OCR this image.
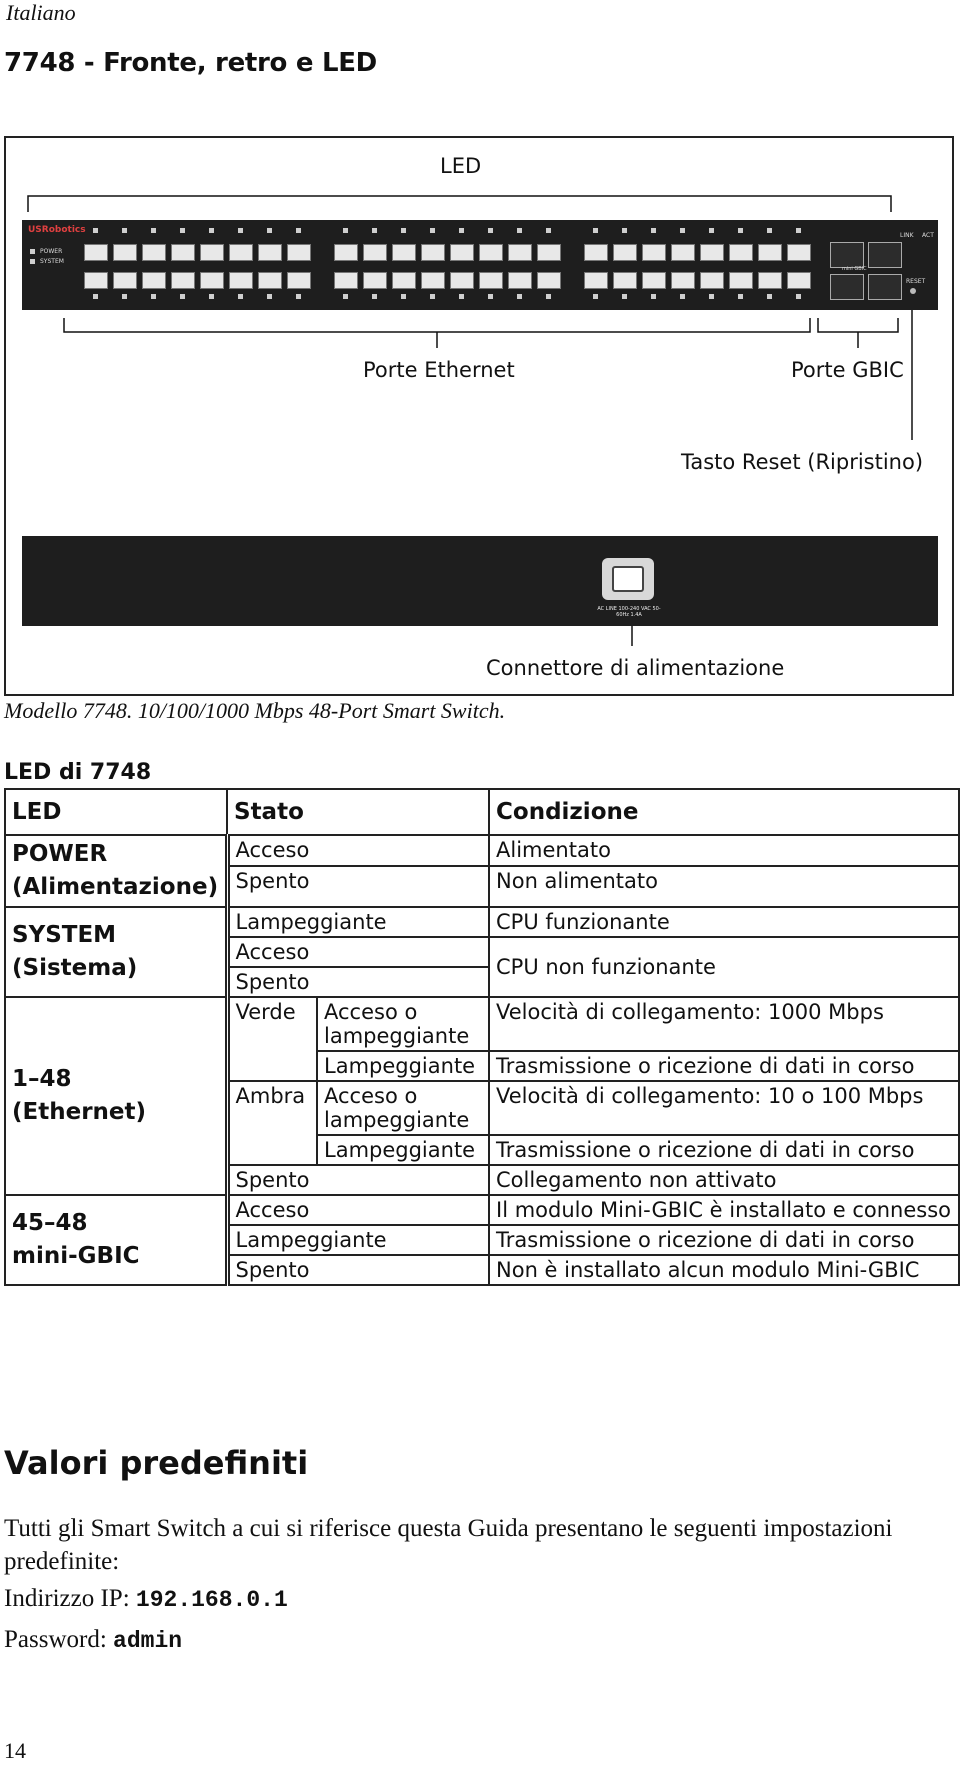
Italiano
7748 - Fronte, retro e LED
LED
USRobotics
POWER
SYSTEM
LINK ACT
RESET
mini GBIC
Porte Ethernet	Porte GBIC
Tasto Reset (Ripristino)
AC LINE 100-240 VAC 50-60Hz 1.4A
Connettore di alimentazione
Modello 7748. 10/100/1000 Mbps 48-Port Smart Switch.
LED di 7748
LED	Stato		Condizione
POWER
(Alimentazione)	Acceso		Alimentato
	Spento		Non alimentato
SYSTEM
(Sistema)	Lampeggiante		CPU funzionante
	Acceso		CPU non funzionante
	Spento		
1–48
(Ethernet)	Verde	Acceso o lampeggiante	Velocità di collegamento: 1000 Mbps
		Lampeggiante	Trasmissione o ricezione di dati in corso
	Ambra	Acceso o lampeggiante	Velocità di collegamento: 10 o 100 Mbps
		Lampeggiante	Trasmissione o ricezione di dati in corso
	Spento		Collegamento non attivato
45–48
mini-GBIC	Acceso		Il modulo Mini-GBIC è installato e connesso
	Lampeggiante		Trasmissione o ricezione di dati in corso
	Spento		Non è installato alcun modulo Mini-GBIC
Valori predefiniti
Tutti gli Smart Switch a cui si riferisce questa Guida presentano le seguenti impostazioni predefinite:
Indirizzo IP: 192.168.0.1
Password: admin
14
